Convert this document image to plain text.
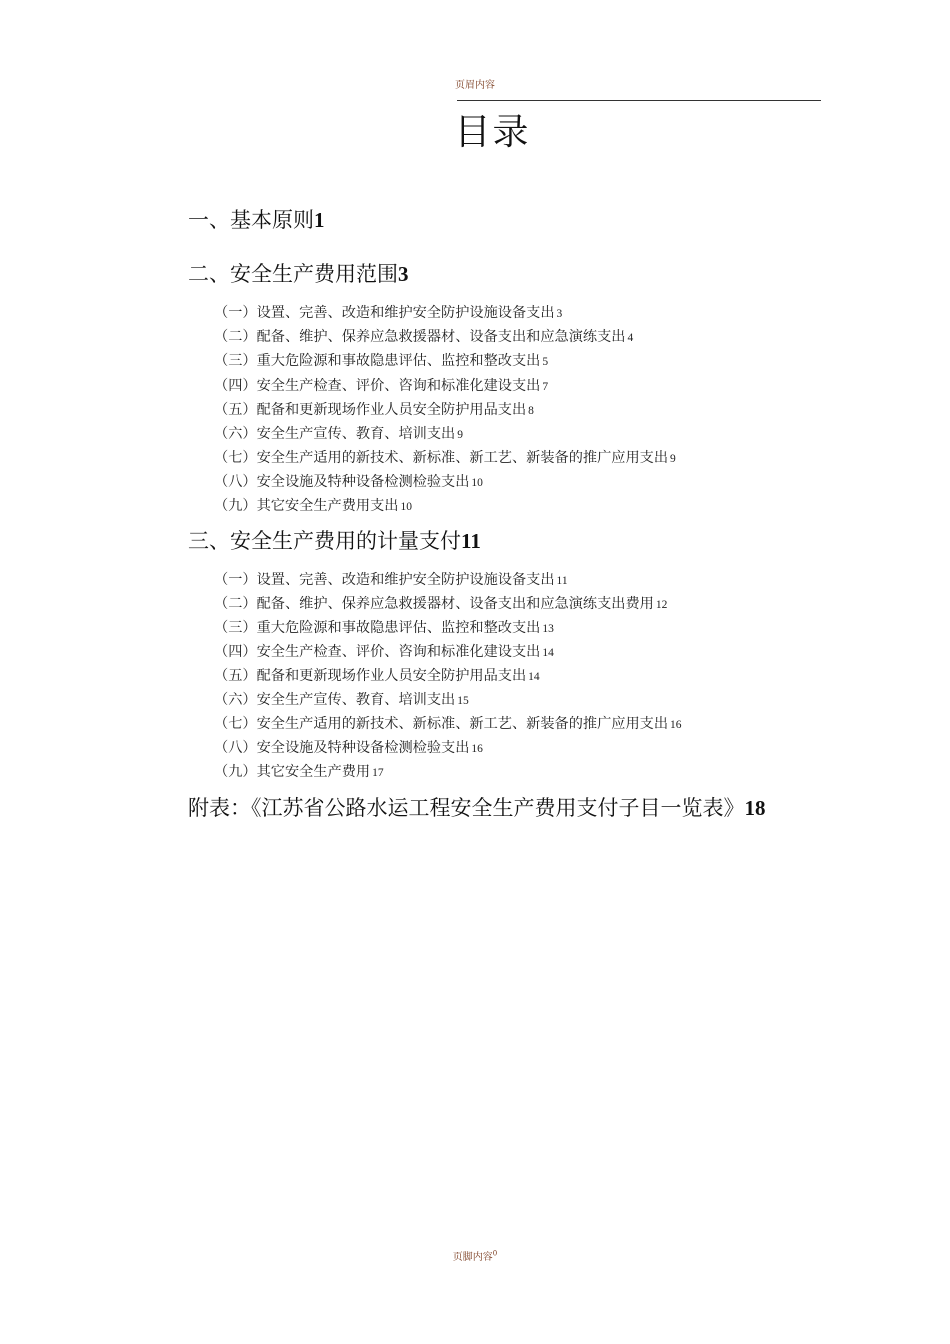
页眉内容
目录
一、基本原则1
二、安全生产费用范围3
（一）设置、完善、改造和维护安全防护设施设备支出 3
（二）配备、维护、保养应急救援器材、设备支出和应急演练支出 4
（三）重大危险源和事故隐患评估、监控和整改支出 5
（四）安全生产检查、评价、咨询和标准化建设支出 7
（五）配备和更新现场作业人员安全防护用品支出 8
（六）安全生产宣传、教育、培训支出 9
（七）安全生产适用的新技术、新标准、新工艺、新装备的推广应用支出 9
（八）安全设施及特种设备检测检验支出 10
（九）其它安全生产费用支出 10
三、安全生产费用的计量支付11
（一）设置、完善、改造和维护安全防护设施设备支出 11
（二）配备、维护、保养应急救援器材、设备支出和应急演练支出费用 12
（三）重大危险源和事故隐患评估、监控和整改支出 13
（四）安全生产检查、评价、咨询和标准化建设支出 14
（五）配备和更新现场作业人员安全防护用品支出 14
（六）安全生产宣传、教育、培训支出 15
（七）安全生产适用的新技术、新标准、新工艺、新装备的推广应用支出 16
（八）安全设施及特种设备检测检验支出 16
（九）其它安全生产费用 17
附表：《江苏省公路水运工程安全生产费用支付子目一览表》18
页脚内容$^0$
